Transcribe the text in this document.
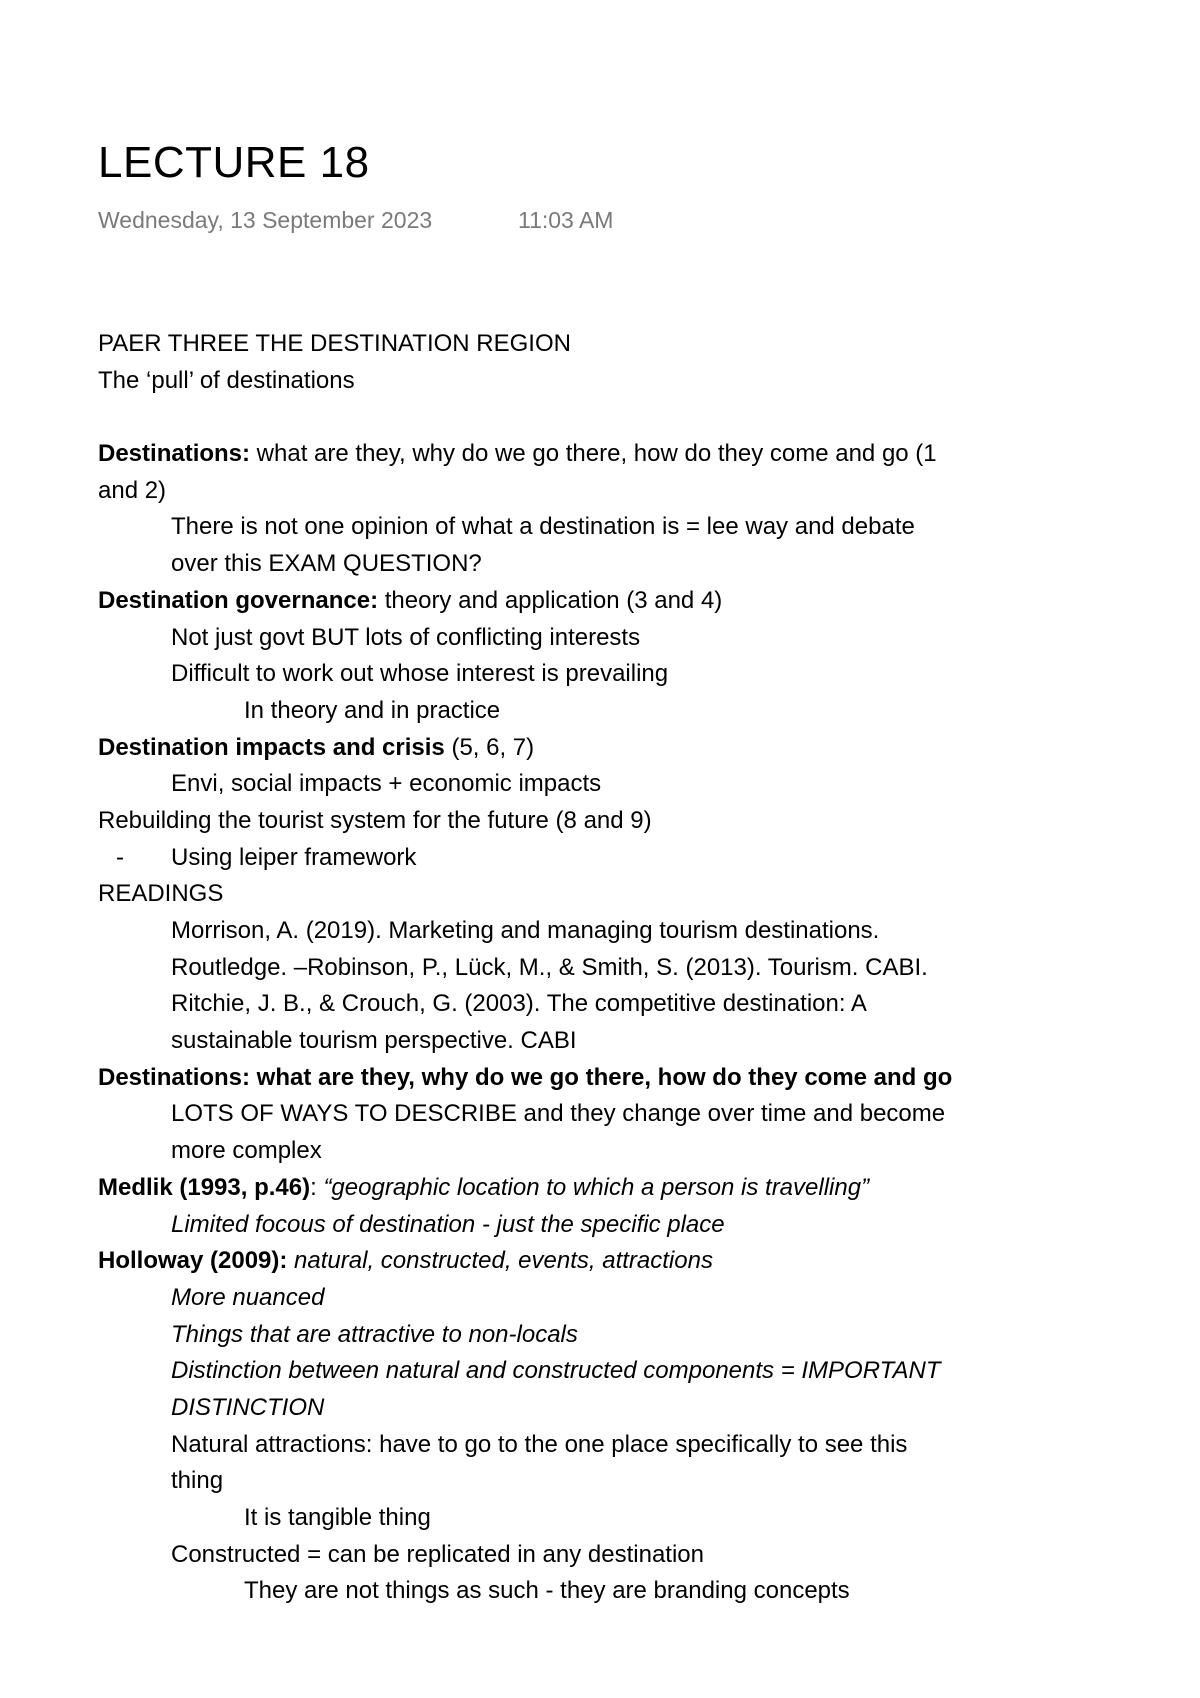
LECTURE 18
Wednesday, 13 September 2023	11:03 AM
PAER THREE THE DESTINATION REGION
The ‘pull’ of destinations
Destinations: what are they, why do we go there, how do they come and go (1
and 2)
There is not one opinion of what a destination is = lee way and debate
over this EXAM QUESTION?
Destination governance: theory and application (3 and 4)
Not just govt BUT lots of conflicting interests
Difficult to work out whose interest is prevailing
In theory and in practice
Destination impacts and crisis (5, 6, 7)
Envi, social impacts + economic impacts
Rebuilding the tourist system for the future (8 and 9)
- Using leiper framework
READINGS
Morrison, A. (2019). Marketing and managing tourism destinations.
Routledge. –Robinson, P., Lück, M., & Smith, S. (2013). Tourism. CABI.
Ritchie, J. B., & Crouch, G. (2003). The competitive destination: A
sustainable tourism perspective. CABI
Destinations: what are they, why do we go there, how do they come and go
LOTS OF WAYS TO DESCRIBE and they change over time and become
more complex
Medlik (1993, p.46): “geographic location to which a person is travelling”
Limited focous of destination - just the specific place
Holloway (2009): natural, constructed, events, attractions
More nuanced
Things that are attractive to non-locals
Distinction between natural and constructed components = IMPORTANT
DISTINCTION
Natural attractions: have to go to the one place specifically to see this
thing
It is tangible thing
Constructed = can be replicated in any destination
They are not things as such - they are branding concepts
